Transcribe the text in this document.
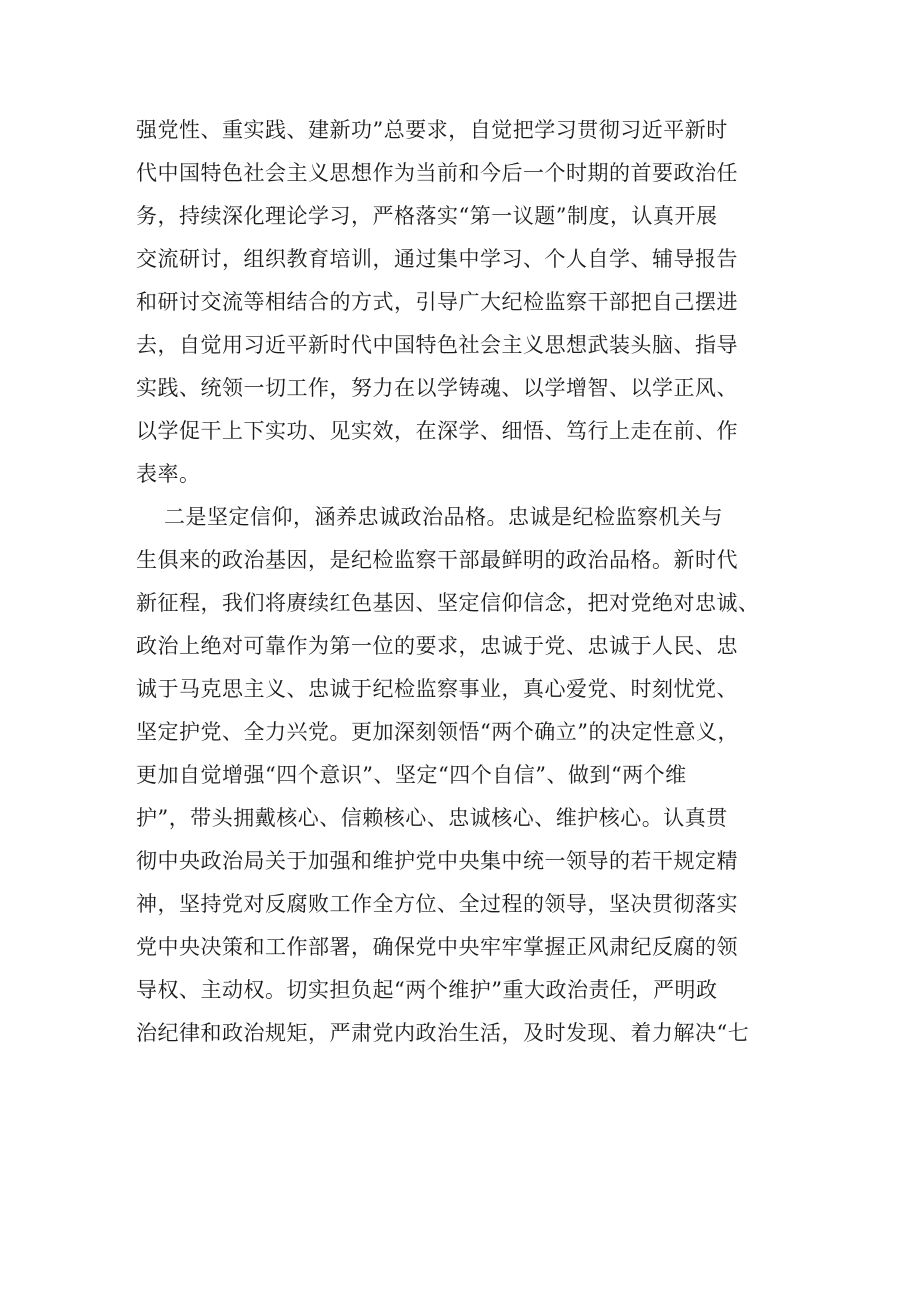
强党性、重实践、建新功”总要求，自觉把学习贯彻习近平新时
代中国特色社会主义思想作为当前和今后一个时期的首要政治任
务，持续深化理论学习，严格落实“第一议题”制度，认真开展
交流研讨，组织教育培训，通过集中学习、个人自学、辅导报告
和研讨交流等相结合的方式，引导广大纪检监察干部把自己摆进
去，自觉用习近平新时代中国特色社会主义思想武装头脑、指导
实践、统领一切工作，努力在以学铸魂、以学增智、以学正风、
以学促干上下实功、见实效，在深学、细悟、笃行上走在前、作
表率。
二是坚定信仰，涵养忠诚政治品格。忠诚是纪检监察机关与
生俱来的政治基因，是纪检监察干部最鲜明的政治品格。新时代
新征程，我们将赓续红色基因、坚定信仰信念，把对党绝对忠诚、
政治上绝对可靠作为第一位的要求，忠诚于党、忠诚于人民、忠
诚于马克思主义、忠诚于纪检监察事业，真心爱党、时刻忧党、
坚定护党、全力兴党。更加深刻领悟“两个确立”的决定性意义，
更加自觉增强“四个意识”、坚定“四个自信”、做到“两个维
护”，带头拥戴核心、信赖核心、忠诚核心、维护核心。认真贯
彻中央政治局关于加强和维护党中央集中统一领导的若干规定精
神，坚持党对反腐败工作全方位、全过程的领导，坚决贯彻落实
党中央决策和工作部署，确保党中央牢牢掌握正风肃纪反腐的领
导权、主动权。切实担负起“两个维护”重大政治责任，严明政
治纪律和政治规矩，严肃党内政治生活，及时发现、着力解决“七
